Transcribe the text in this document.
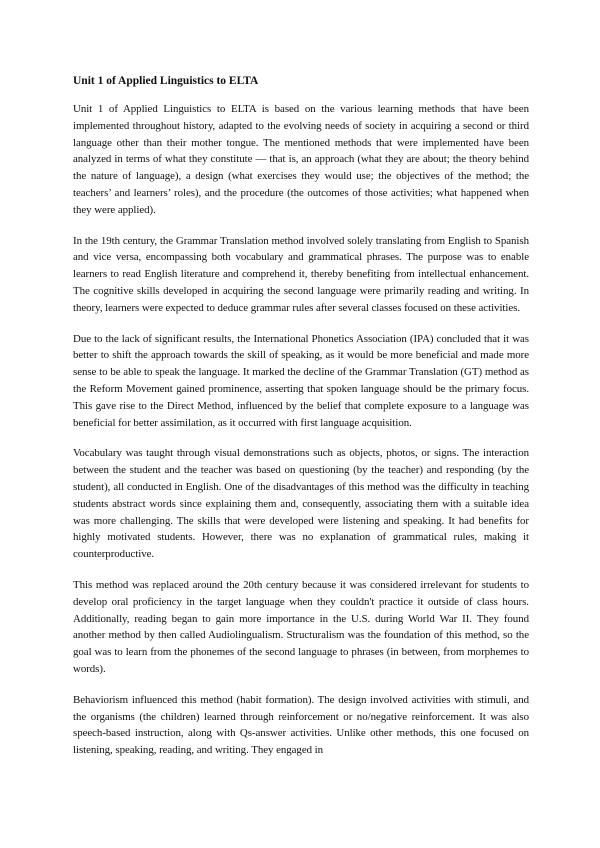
Unit 1 of Applied Linguistics to ELTA

Unit 1 of Applied Linguistics to ELTA is based on the various learning methods that have been implemented throughout history, adapted to the evolving needs of society in acquiring a second or third language other than their mother tongue. The mentioned methods that were implemented have been analyzed in terms of what they constitute — that is, an approach (what they are about; the theory behind the nature of language), a design (what exercises they would use; the objectives of the method; the teachers’ and learners’ roles), and the procedure (the outcomes of those activities; what happened when they were applied).

In the 19th century, the Grammar Translation method involved solely translating from English to Spanish and vice versa, encompassing both vocabulary and grammatical phrases. The purpose was to enable learners to read English literature and comprehend it, thereby benefiting from intellectual enhancement. The cognitive skills developed in acquiring the second language were primarily reading and writing. In theory, learners were expected to deduce grammar rules after several classes focused on these activities.

Due to the lack of significant results, the International Phonetics Association (IPA) concluded that it was better to shift the approach towards the skill of speaking, as it would be more beneficial and made more sense to be able to speak the language. It marked the decline of the Grammar Translation (GT) method as the Reform Movement gained prominence, asserting that spoken language should be the primary focus. This gave rise to the Direct Method, influenced by the belief that complete exposure to a language was beneficial for better assimilation, as it occurred with first language acquisition.

Vocabulary was taught through visual demonstrations such as objects, photos, or signs. The interaction between the student and the teacher was based on questioning (by the teacher) and responding (by the student), all conducted in English. One of the disadvantages of this method was the difficulty in teaching students abstract words since explaining them and, consequently, associating them with a suitable idea was more challenging. The skills that were developed were listening and speaking. It had benefits for highly motivated students. However, there was no explanation of grammatical rules, making it counterproductive.

This method was replaced around the 20th century because it was considered irrelevant for students to develop oral proficiency in the target language when they couldn't practice it outside of class hours. Additionally, reading began to gain more importance in the U.S. during World War II. They found another method by then called Audiolingualism. Structuralism was the foundation of this method, so the goal was to learn from the phonemes of the second language to phrases (in between, from morphemes to words).

Behaviorism influenced this method (habit formation). The design involved activities with stimuli, and the organisms (the children) learned through reinforcement or no/negative reinforcement. It was also speech-based instruction, along with Qs-answer activities. Unlike other methods, this one focused on listening, speaking, reading, and writing. They engaged in
